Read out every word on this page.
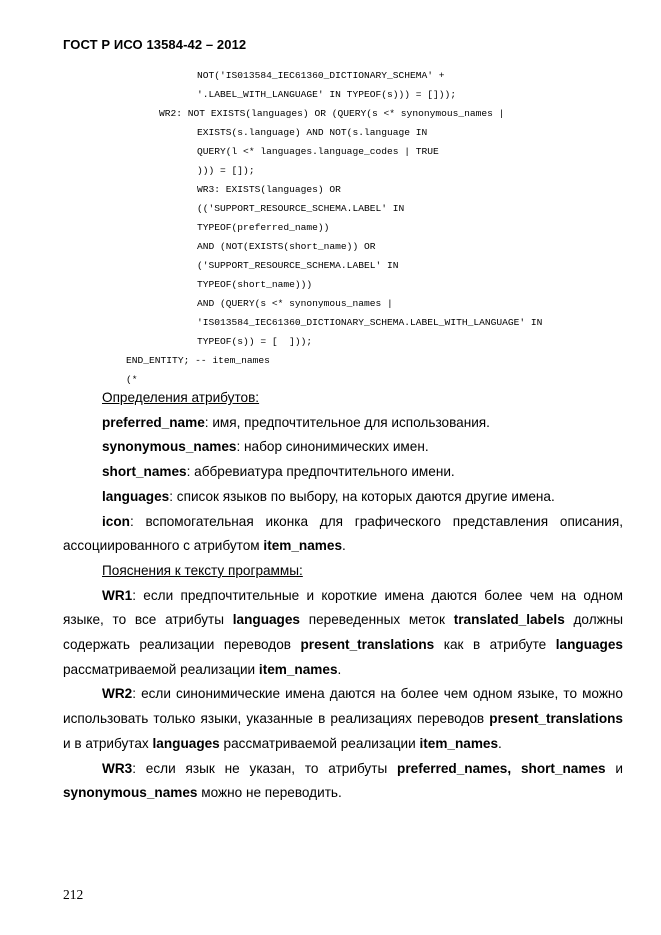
ГОСТ Р ИСО 13584-42 – 2012

NOT('IS013584_IEC61360_DICTIONARY_SCHEMA' +

'.LABEL_WITH_LANGUAGE' IN TYPEOF(s))) = []));

WR2: NOT EXISTS(languages) OR (QUERY(s <* synonymous_names |

EXISTS(s.language) AND NOT(s.language IN

QUERY(l <* languages.language_codes | TRUE

))) = []);

WR3: EXISTS(languages) OR

(('SUPPORT_RESOURCE_SCHEMA.LABEL' IN

TYPEOF(preferred_name))

AND (NOT(EXISTS(short_name)) OR

('SUPPORT_RESOURCE_SCHEMA.LABEL' IN

TYPEOF(short_name)))

AND (QUERY(s <* synonymous_names |

'IS013584_IEC61360_DICTIONARY_SCHEMA.LABEL_WITH_LANGUAGE' IN

TYPEOF(s)) = [  ]));

END_ENTITY; -- item_names

(*

Определения атрибутов:

preferred_name: имя, предпочтительное для использования.

synonymous_names: набор синонимических имен.

short_names: аббревиатура предпочтительного имени.

languages: список языков по выбору, на которых даются другие имена.

icon: вспомогательная иконка для графического представления описания, ассоциированного с атрибутом item_names.

Пояснения к тексту программы:

WR1: если предпочтительные и короткие имена даются более чем на одном языке, то все атрибуты languages переведенных меток translated_labels должны содержать реализации переводов present_translations как в атрибуте languages рассматриваемой реализации item_names.

WR2: если синонимические имена даются на более чем одном языке, то можно использовать только языки, указанные в реализациях переводов present_translations и в атрибутах languages рассматриваемой реализации item_names.

WR3: если язык не указан, то атрибуты preferred_names, short_names и synonymous_names можно не переводить.

212
